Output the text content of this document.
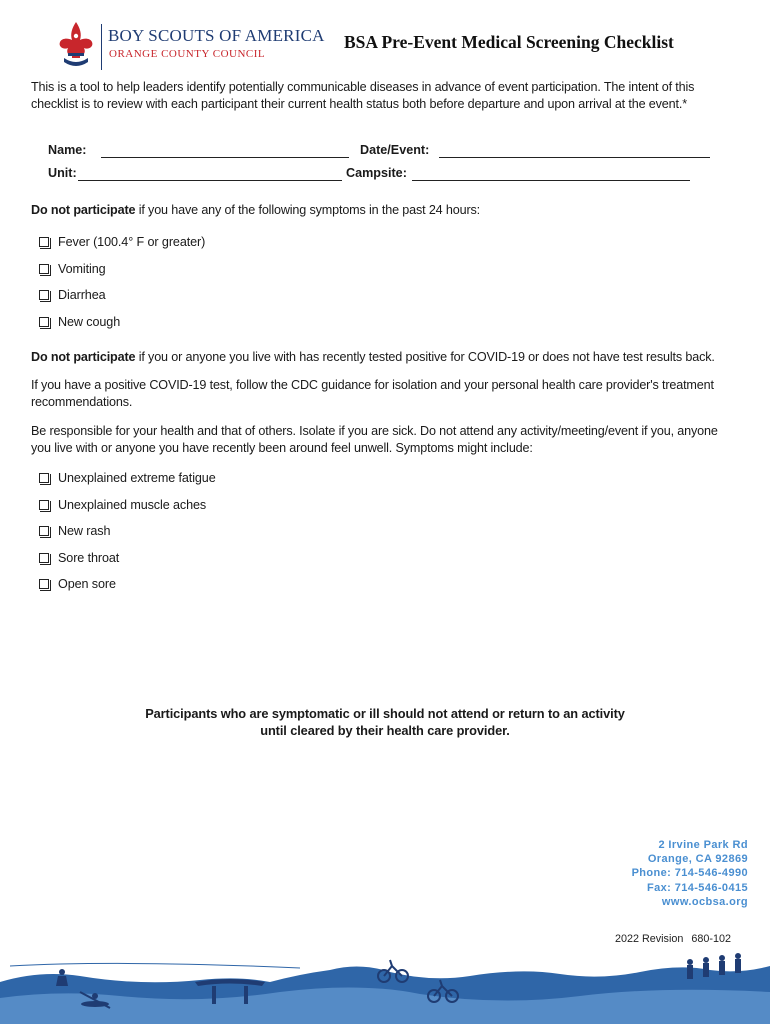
BOY SCOUTS OF AMERICA
ORANGE COUNTY COUNCIL
BSA Pre-Event Medical Screening Checklist

This is a tool to help leaders identify potentially communicable diseases in advance of event participation. The intent of this checklist is to review with each participant their current health status both before departure and upon arrival at the event.*

Name:	Date/Event:
Unit:	Campsite:

Do not participate if you have any of the following symptoms in the past 24 hours:

Fever (100.4° F or greater)
Vomiting
Diarrhea
New cough

Do not participate if you or anyone you live with has recently tested positive for COVID-19 or does not have test results back.

If you have a positive COVID-19 test, follow the CDC guidance for isolation and your personal health care provider's treatment recommendations.

Be responsible for your health and that of others. Isolate if you are sick. Do not attend any activity/meeting/event if you, anyone you live with or anyone you have recently been around feel unwell. Symptoms might include:

Unexplained extreme fatigue
Unexplained muscle aches
New rash
Sore throat
Open sore
Participants who are symptomatic or ill should not attend or return to an activity
until cleared by their health care provider.
2 Irvine Park Rd
Orange, CA 92869
Phone: 714-546-4990
Fax: 714-546-0415
www.ocbsa.org
2022 Revision 680-102
